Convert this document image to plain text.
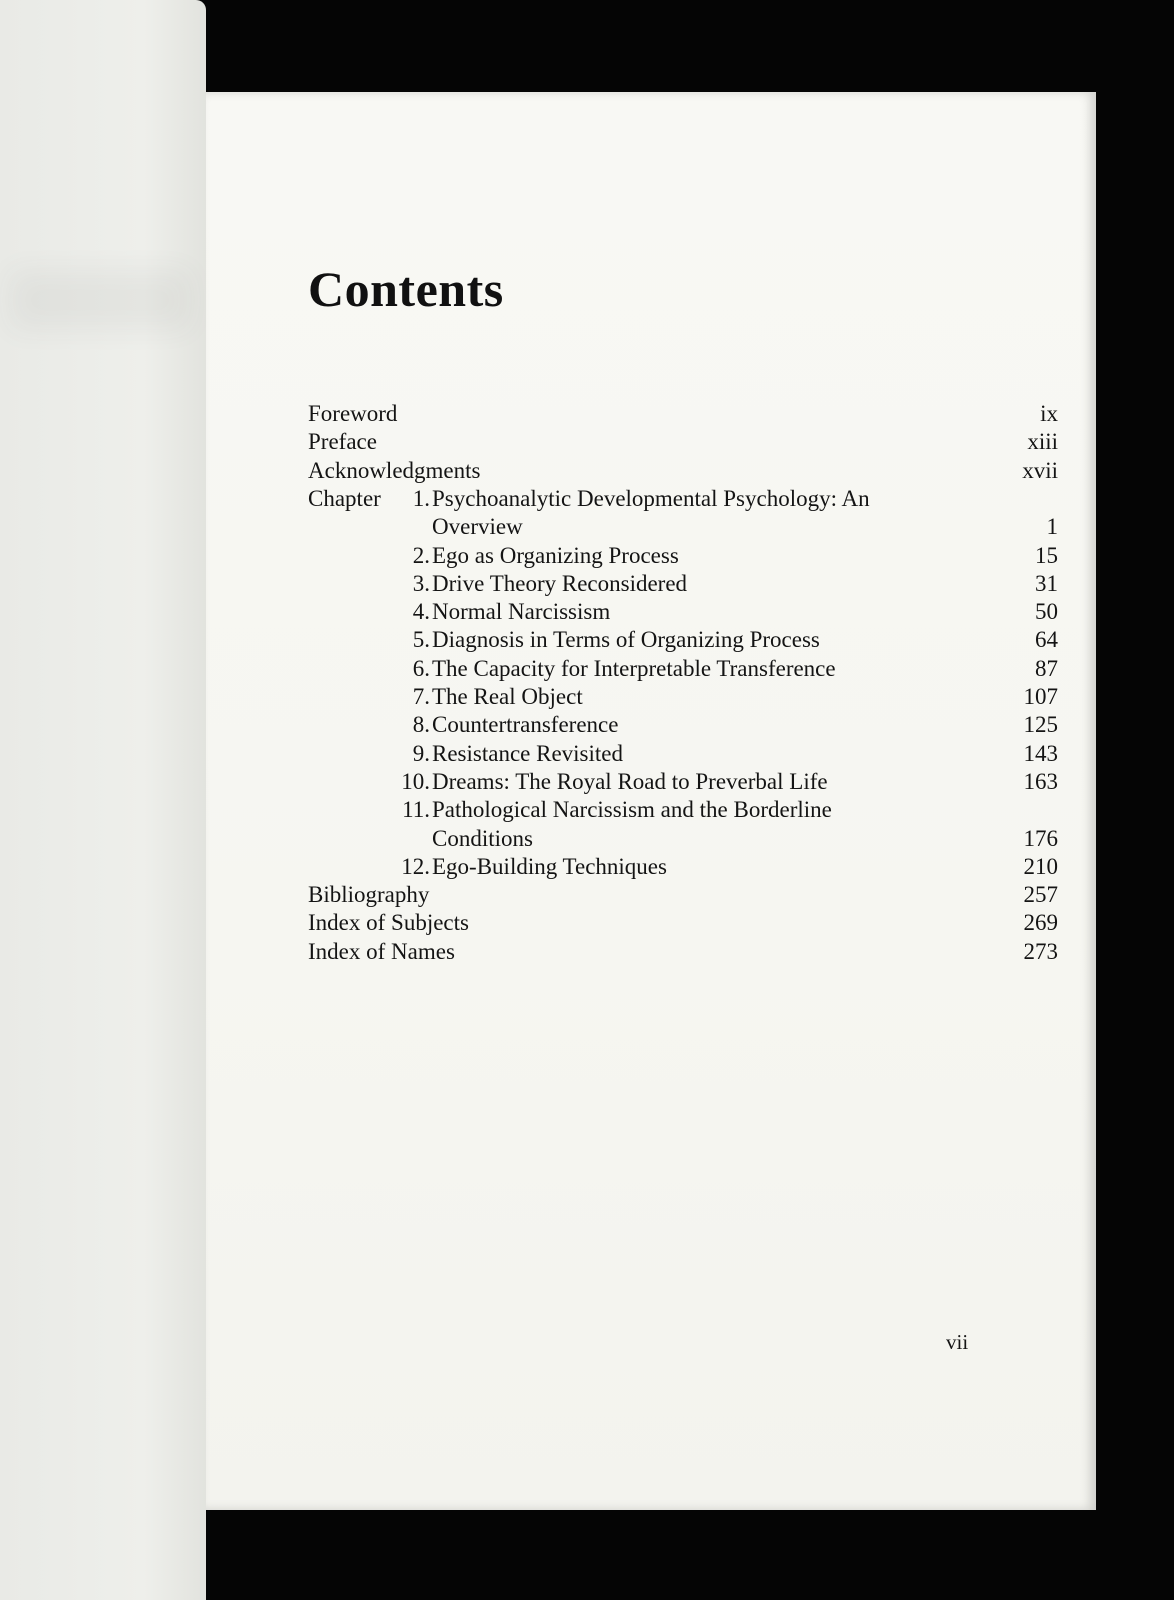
Contents
Foreword	ix
Preface	xiii
Acknowledgments	xvii
Chapter	1. Psychoanalytic Developmental Psychology: An
Overview	1
2. Ego as Organizing Process	15
3. Drive Theory Reconsidered	31
4. Normal Narcissism	50
5. Diagnosis in Terms of Organizing Process	64
6. The Capacity for Interpretable Transference	87
7. The Real Object	107
8. Countertransference	125
9. Resistance Revisited	143
10. Dreams: The Royal Road to Preverbal Life	163
11. Pathological Narcissism and the Borderline
Conditions	176
12. Ego-Building Techniques	210
Bibliography	257
Index of Subjects	269
Index of Names	273
vii
